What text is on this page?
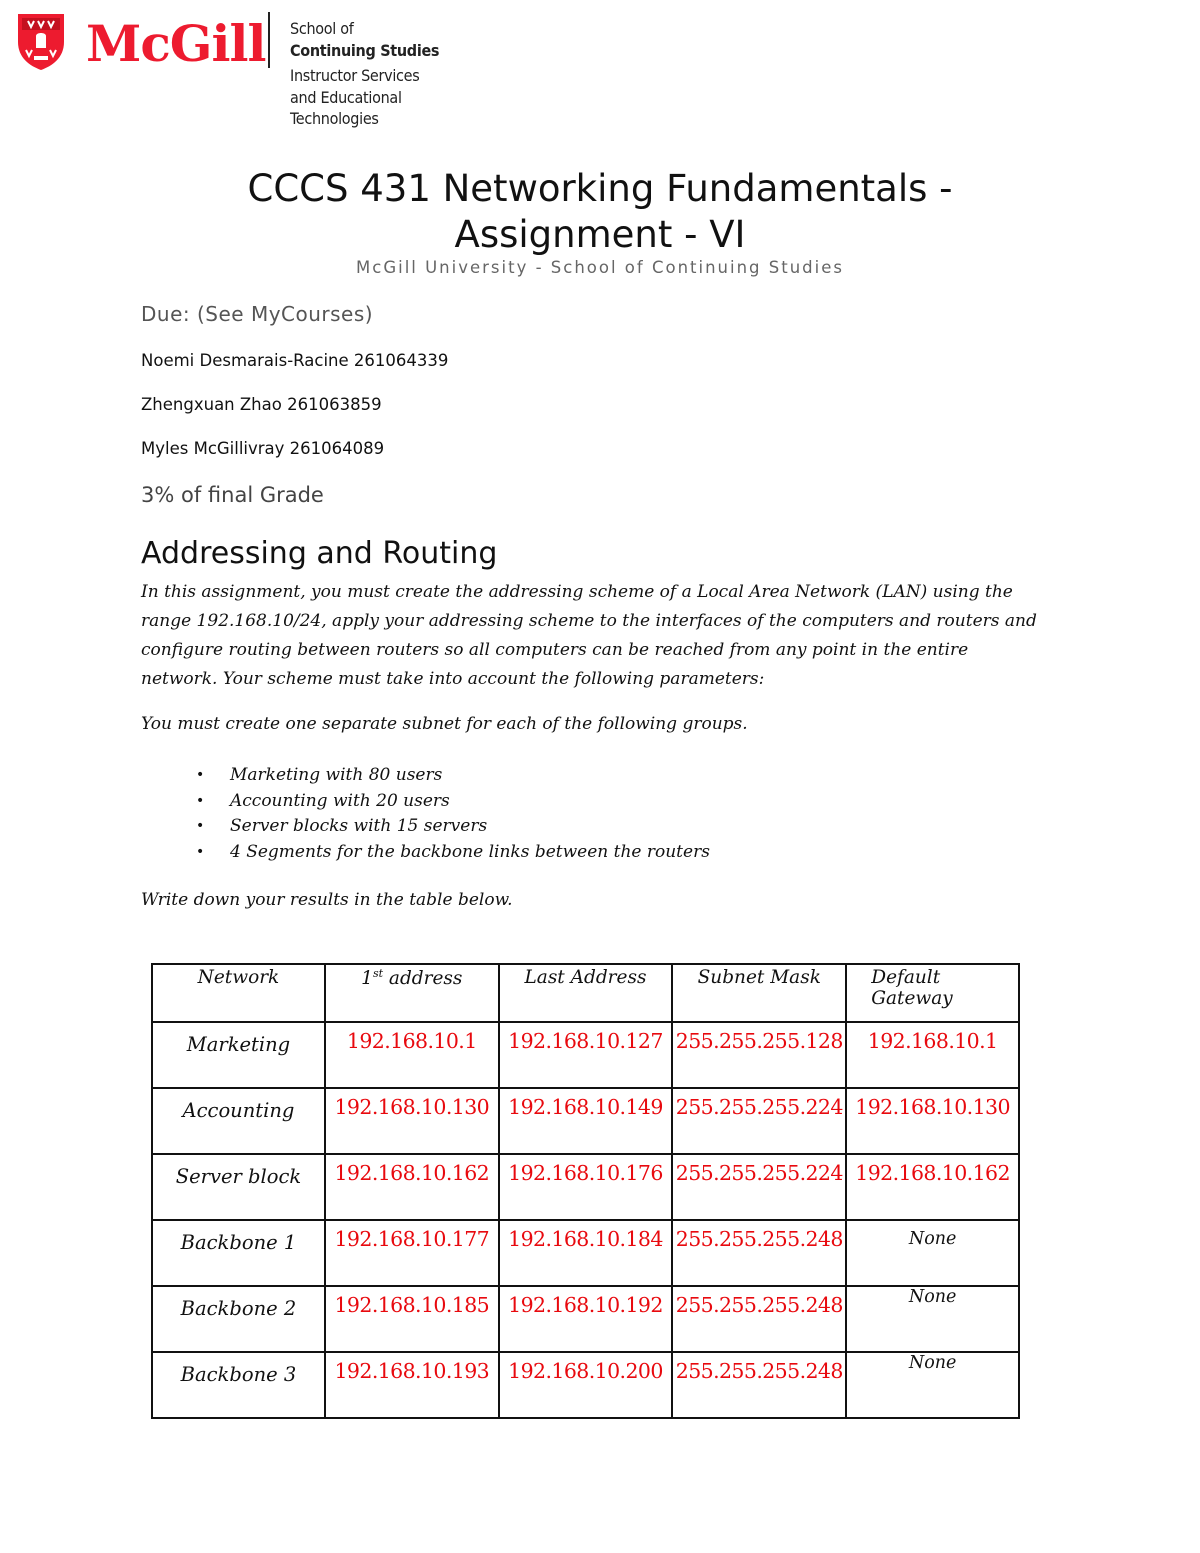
McGill School of
Continuing Studies
Instructor Services
and Educational
Technologies
CCCS 431 Networking Fundamentals -
Assignment - VI
McGill University - School of Continuing Studies
Due: (See MyCourses)
Noemi Desmarais-Racine 261064339
Zhengxuan Zhao 261063859
Myles McGillivray 261064089
3% of final Grade
Addressing and Routing
In this assignment, you must create the addressing scheme of a Local Area Network (LAN) using the range 192.168.10/24, apply your addressing scheme to the interfaces of the computers and routers and configure routing between routers so all computers can be reached from any point in the entire network. Your scheme must take into account the following parameters:
You must create one separate subnet for each of the following groups.
• Marketing with 80 users
• Accounting with 20 users
• Server blocks with 15 servers
• 4 Segments for the backbone links between the routers
Write down your results in the table below.
Network	1st address	Last Address	Subnet Mask	Default
Gateway

Marketing	192.168.10.1	192.168.10.127	255.255.255.128	192.168.10.1
Accounting	192.168.10.130	192.168.10.149	255.255.255.224	192.168.10.130
Server block	192.168.10.162	192.168.10.176	255.255.255.224	192.168.10.162
Backbone 1	192.168.10.177	192.168.10.184	255.255.255.248	None
Backbone 2	192.168.10.185	192.168.10.192	255.255.255.248	None
Backbone 3	192.168.10.193	192.168.10.200	255.255.255.248	None
